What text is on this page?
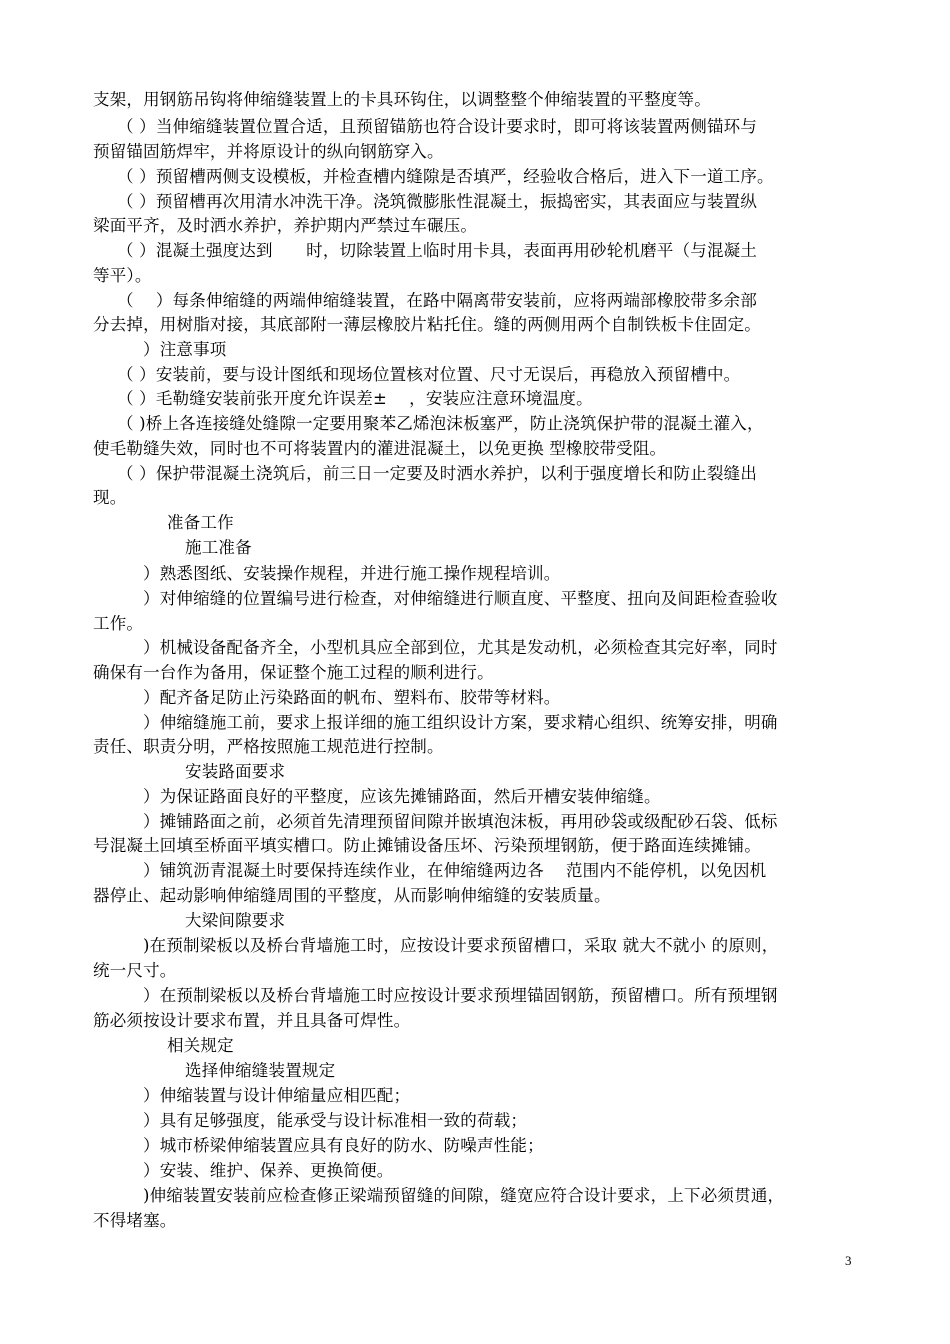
支架，用钢筋吊钩将伸缩缝装置上的卡具环钩住，以调整整个伸缩装置的平整度等。
（ ）当伸缩缝装置位置合适，且预留锚筋也符合设计要求时，即可将该装置两侧锚环与
预留锚固筋焊牢，并将原设计的纵向钢筋穿入。
（ ）预留槽两侧支设模板，并检查槽内缝隙是否填严，经验收合格后，进入下一道工序。
（ ）预留槽再次用清水冲洗干净。浇筑微膨胀性混凝土，振捣密实，其表面应与装置纵
梁面平齐，及时洒水养护，养护期内严禁过车碾压。
（ ）混凝土强度达到　　时，切除装置上临时用卡具，表面再用砂轮机磨平（与混凝土
等平）。
（　 ）每条伸缩缝的两端伸缩缝装置，在路中隔离带安装前，应将两端部橡胶带多余部
分去掉，用树脂对接，其底部附一薄层橡胶片粘托住。缝的两侧用两个自制铁板卡住固定。
）注意事项
（ ）安装前，要与设计图纸和现场位置核对位置、尺寸无误后，再稳放入预留槽中。
（ ）毛勒缝安装前张开度允许误差±　 ，安装应注意环境温度。
（ )桥上各连接缝处缝隙一定要用聚苯乙烯泡沫板塞严，防止浇筑保护带的混凝土灌入，
使毛勒缝失效，同时也不可将装置内的灌进混凝土，以免更换 型橡胶带受阻。
（ ）保护带混凝土浇筑后，前三日一定要及时洒水养护，以利于强度增长和防止裂缝出
现。
准备工作
施工准备
）熟悉图纸、安装操作规程，并进行施工操作规程培训。
）对伸缩缝的位置编号进行检查，对伸缩缝进行顺直度、平整度、扭向及间距检查验收
工作。
）机械设备配备齐全，小型机具应全部到位，尤其是发动机，必须检查其完好率，同时
确保有一台作为备用，保证整个施工过程的顺利进行。
）配齐备足防止污染路面的帆布、塑料布、胶带等材料。
）伸缩缝施工前，要求上报详细的施工组织设计方案，要求精心组织、统筹安排，明确
责任、职责分明，严格按照施工规范进行控制。
安装路面要求
）为保证路面良好的平整度，应该先摊铺路面，然后开槽安装伸缩缝。
）摊铺路面之前，必须首先清理预留间隙并嵌填泡沫板，再用砂袋或级配砂石袋、低标
号混凝土回填至桥面平填实槽口。防止摊铺设备压坏、污染预埋钢筋，便于路面连续摊铺。
）铺筑沥青混凝土时要保持连续作业，在伸缩缝两边各　 范围内不能停机，以免因机
器停止、起动影响伸缩缝周围的平整度，从而影响伸缩缝的安装质量。
大梁间隙要求
)在预制梁板以及桥台背墙施工时，应按设计要求预留槽口，采取 就大不就小 的原则，
统一尺寸。
）在预制梁板以及桥台背墙施工时应按设计要求预埋锚固钢筋，预留槽口。所有预埋钢
筋必须按设计要求布置，并且具备可焊性。
相关规定
选择伸缩缝装置规定
）伸缩装置与设计伸缩量应相匹配；
）具有足够强度，能承受与设计标准相一致的荷载；
）城市桥梁伸缩装置应具有良好的防水、防噪声性能；
）安装、维护、保养、更换简便。
)伸缩装置安装前应检查修正梁端预留缝的间隙，缝宽应符合设计要求，上下必须贯通，
不得堵塞。
3
